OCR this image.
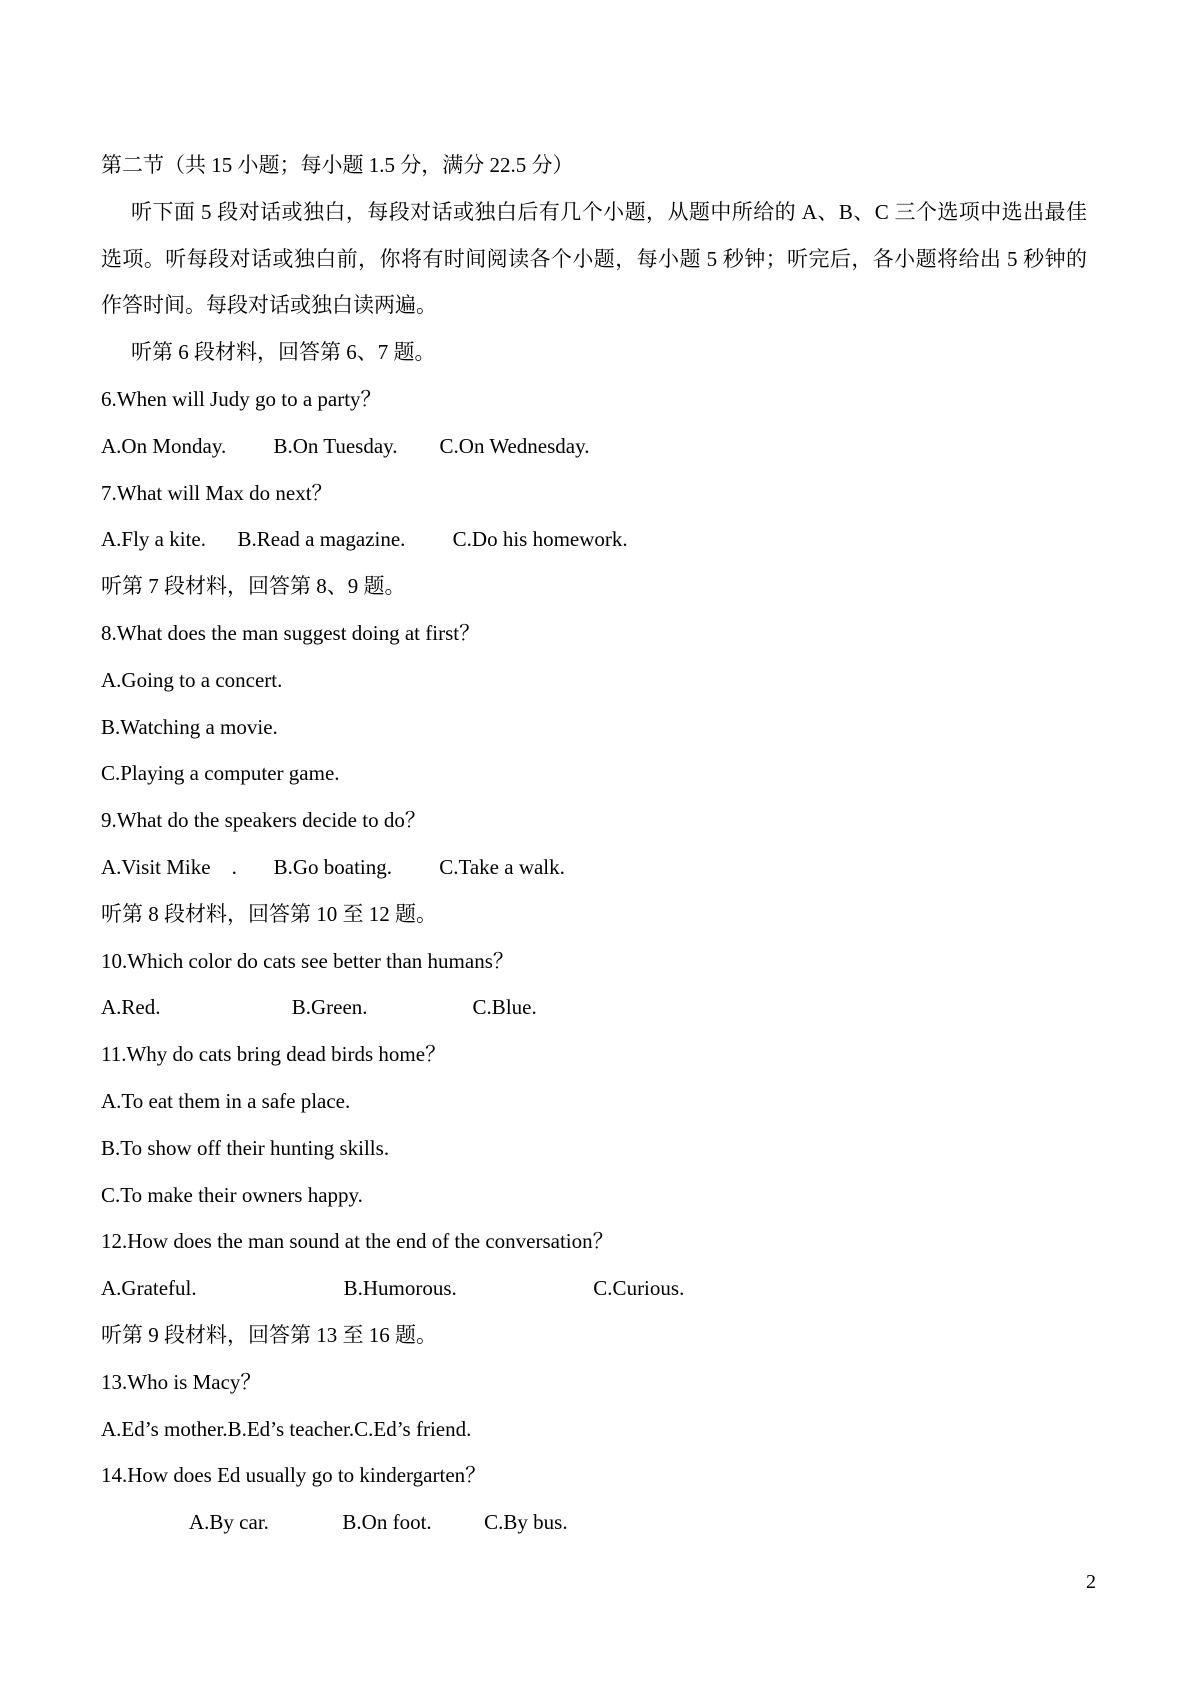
第二节（共 15 小题；每小题 1.5 分，满分 22.5 分）
听下面 5 段对话或独白，每段对话或独白后有几个小题，从题中所给的 A、B、C 三个选项中选出最佳
选项。听每段对话或独白前，你将有时间阅读各个小题，每小题 5 秒钟；听完后，各小题将给出 5 秒钟的
作答时间。每段对话或独白读两遍。
听第 6 段材料，回答第 6、7 题。
6.When will Judy go to a party？
A.On Monday.         B.On Tuesday.        C.On Wednesday.
7.What will Max do next？
A.Fly a kite.      B.Read a magazine.         C.Do his homework.
听第 7 段材料，回答第 8、9 题。
8.What does the man suggest doing at first？
A.Going to a concert.
B.Watching a movie.
C.Playing a computer game.
9.What do the speakers decide to do？
A.Visit Mike    .       B.Go boating.         C.Take a walk.
听第 8 段材料，回答第 10 至 12 题。
10.Which color do cats see better than humans？
A.Red.                         B.Green.                    C.Blue.
11.Why do cats bring dead birds home？
A.To eat them in a safe place.
B.To show off their hunting skills.
C.To make their owners happy.
12.How does the man sound at the end of the conversation？
A.Grateful.                            B.Humorous.                          C.Curious.
听第 9 段材料，回答第 13 至 16 题。
13.Who is Macy？
A.Ed’s mother.B.Ed’s teacher.C.Ed’s friend.
14.How does Ed usually go to kindergarten？
A.By car.              B.On foot.          C.By bus.
2
